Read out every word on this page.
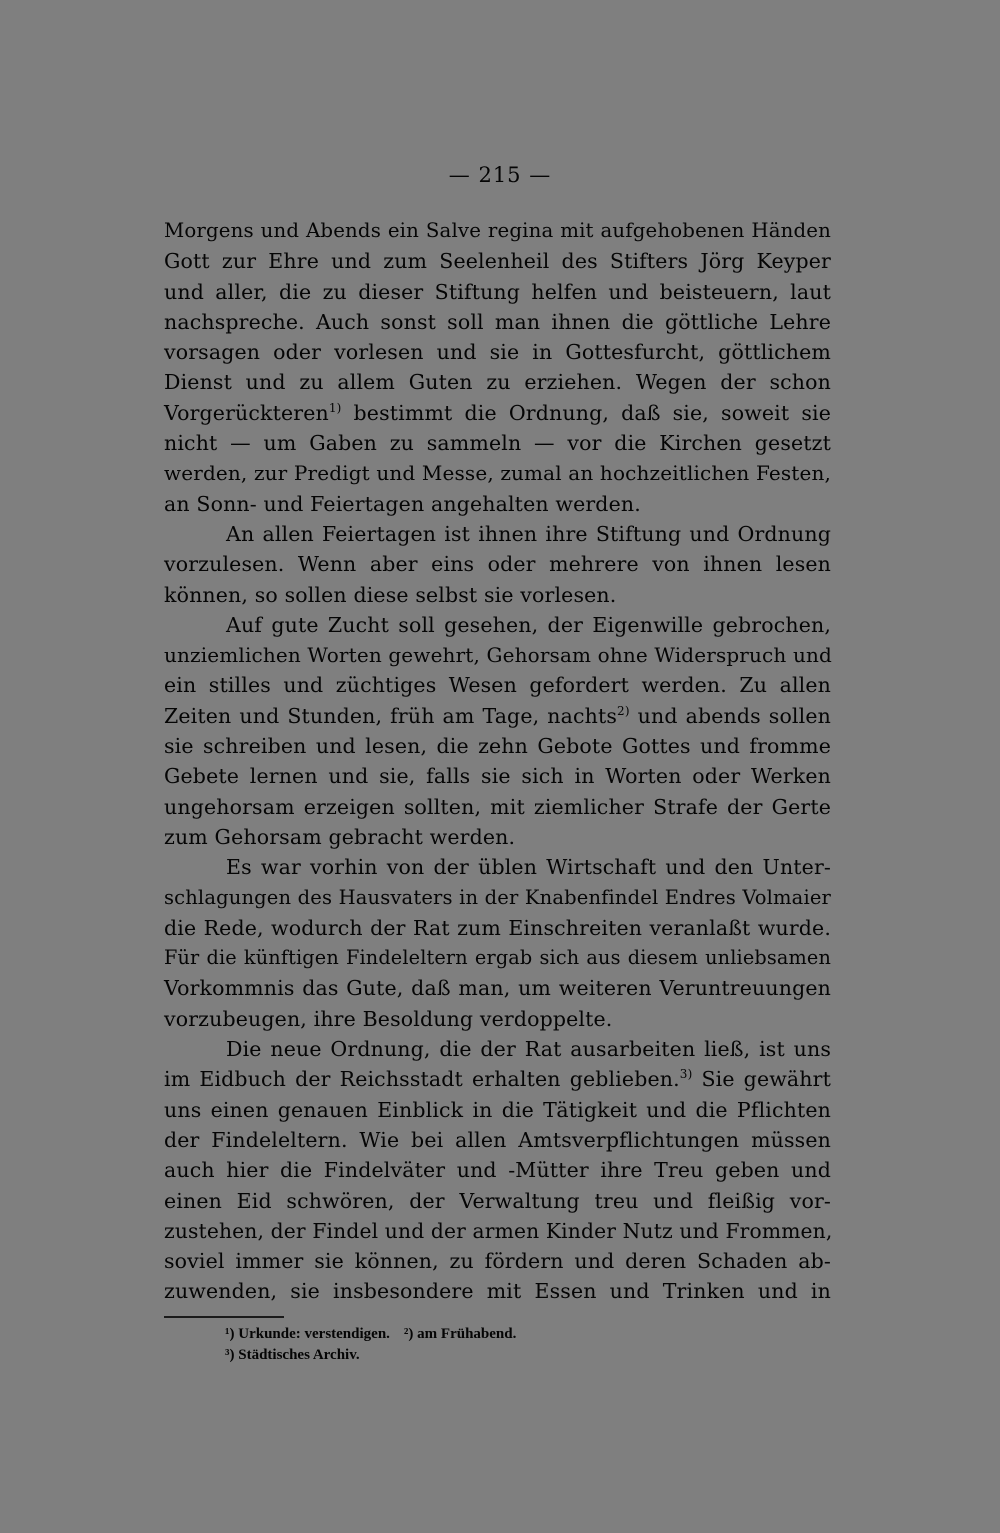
— 215 —
Morgens und Abends ein Salve regina mit aufgehobenen Händen
Gott zur Ehre und zum Seelenheil des Stifters Jörg Keyper
und aller, die zu dieser Stiftung helfen und beisteuern, laut
nachspreche. Auch sonst soll man ihnen die göttliche Lehre
vorsagen oder vorlesen und sie in Gottesfurcht, göttlichem
Dienst und zu allem Guten zu erziehen. Wegen der schon
Vorgerückteren$^{1)}$ bestimmt die Ordnung, daß sie, soweit sie
nicht — um Gaben zu sammeln — vor die Kirchen gesetzt
werden, zur Predigt und Messe, zumal an hochzeitlichen Festen,
an Sonn- und Feiertagen angehalten werden.
An allen Feiertagen ist ihnen ihre Stiftung und Ordnung
vorzulesen. Wenn aber eins oder mehrere von ihnen lesen
können, so sollen diese selbst sie vorlesen.
Auf gute Zucht soll gesehen, der Eigenwille gebrochen,
unziemlichen Worten gewehrt, Gehorsam ohne Widerspruch und
ein stilles und züchtiges Wesen gefordert werden. Zu allen
Zeiten und Stunden, früh am Tage, nachts$^{2)}$ und abends sollen
sie schreiben und lesen, die zehn Gebote Gottes und fromme
Gebete lernen und sie, falls sie sich in Worten oder Werken
ungehorsam erzeigen sollten, mit ziemlicher Strafe der Gerte
zum Gehorsam gebracht werden.
Es war vorhin von der üblen Wirtschaft und den Unter-
schlagungen des Hausvaters in der Knabenfindel Endres Volmaier
die Rede, wodurch der Rat zum Einschreiten veranlaßt wurde.
Für die künftigen Findeleltern ergab sich aus diesem unliebsamen
Vorkommnis das Gute, daß man, um weiteren Veruntreuungen
vorzubeugen, ihre Besoldung verdoppelte.
Die neue Ordnung, die der Rat ausarbeiten ließ, ist uns
im Eidbuch der Reichsstadt erhalten geblieben.$^{3)}$ Sie gewährt
uns einen genauen Einblick in die Tätigkeit und die Pflichten
der Findeleltern. Wie bei allen Amtsverpflichtungen müssen
auch hier die Findelväter und -Mütter ihre Treu geben und
einen Eid schwören, der Verwaltung treu und fleißig vor-
zustehen, der Findel und der armen Kinder Nutz und Frommen,
soviel immer sie können, zu fördern und deren Schaden ab-
zuwenden, sie insbesondere mit Essen und Trinken und in
¹) Urkunde: verstendigen. ²) am Frühabend.
³) Städtisches Archiv.
